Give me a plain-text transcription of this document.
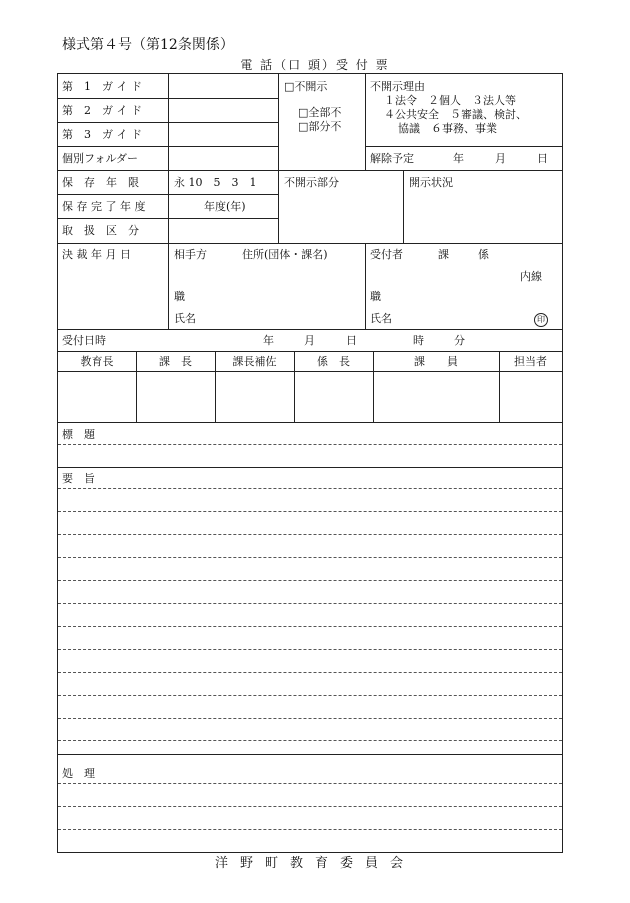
様式第４号（第12条関係）
電 話（口 頭）受 付 票
第　1　ガ イ ド
第　2　ガ イ ド
第　3　ガ イ ド
個別フォルダー
□不開示
□全部不
□部分不
不開示理由
１法令　２個人　３法人等
４公共安全　５審議、検討、
協議　６事務、事業
解除予定	年	月	日
保　存　年　限	永 10　5　3　1
保 存 完 了 年 度	年度(年)
取　扱　区　分
不開示部分	開示状況
決 裁 年 月 日	相手方	住所(団体・課名)
職
氏名
受付者	課	係
内線
職
氏名	印
受付日時	年	月	日	時	分
教育長	課　長	課長補佐	係　長	課　　員	担当者
標　題
要　旨
処　理
洋野町教育委員会
